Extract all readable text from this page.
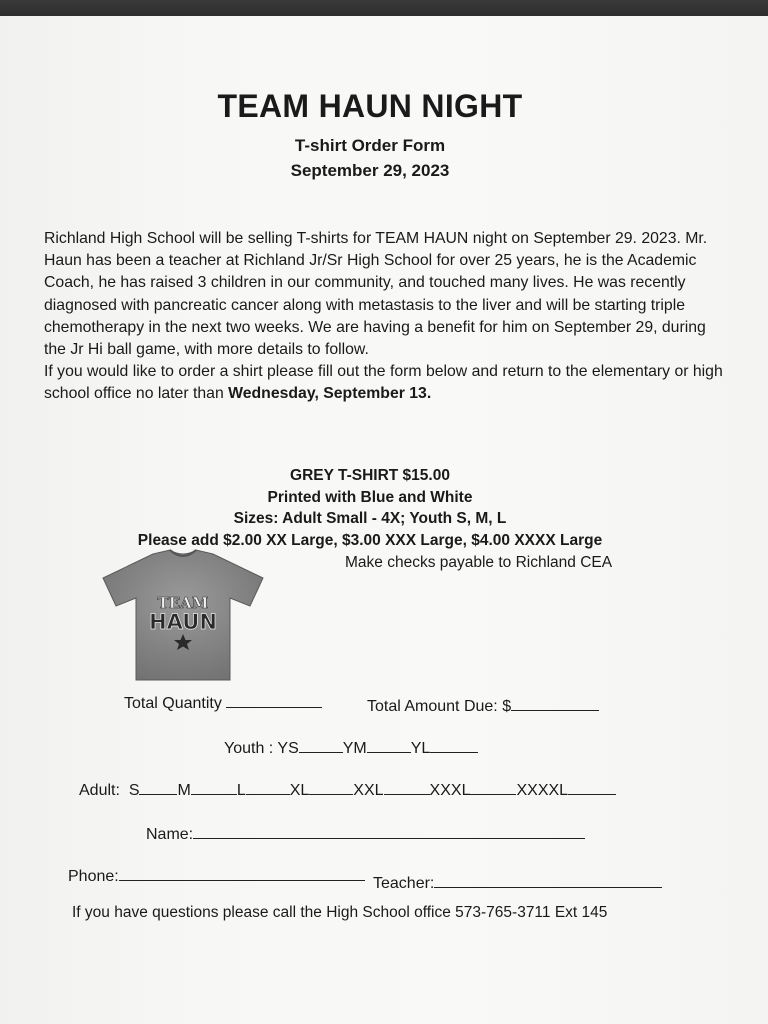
TEAM HAUN NIGHT
T-shirt Order Form
September 29, 2023

Richland High School will be selling T-shirts for TEAM HAUN night on September 29. 2023. Mr. Haun has been a teacher at Richland Jr/Sr High School for over 25 years, he is the Academic Coach, he has raised 3 children in our community, and touched many lives. He was recently diagnosed with pancreatic cancer along with metastasis to the liver and will be starting triple chemotherapy in the next two weeks. We are having a benefit for him on September 29, during the Jr Hi ball game, with more details to follow.

If you would like to order a shirt please fill out the form below and return to the elementary or high school office no later than Wednesday, September 13.

GREY T-SHIRT $15.00
Printed with Blue and White
Sizes: Adult Small - 4X; Youth S, M, L
Please add $2.00 XX Large, $3.00 XXX Large, $4.00 XXXX Large
Make checks payable to Richland CEA
TEAM
HAUN
Total Quantity	Total Amount Due: $
Youth : YS	YM	YL
Adult: S M	L	XL	XXL	XXXL	XXXXL
Name:
Phone:	Teacher:
If you have questions please call the High School office 573-765-3711 Ext 145
